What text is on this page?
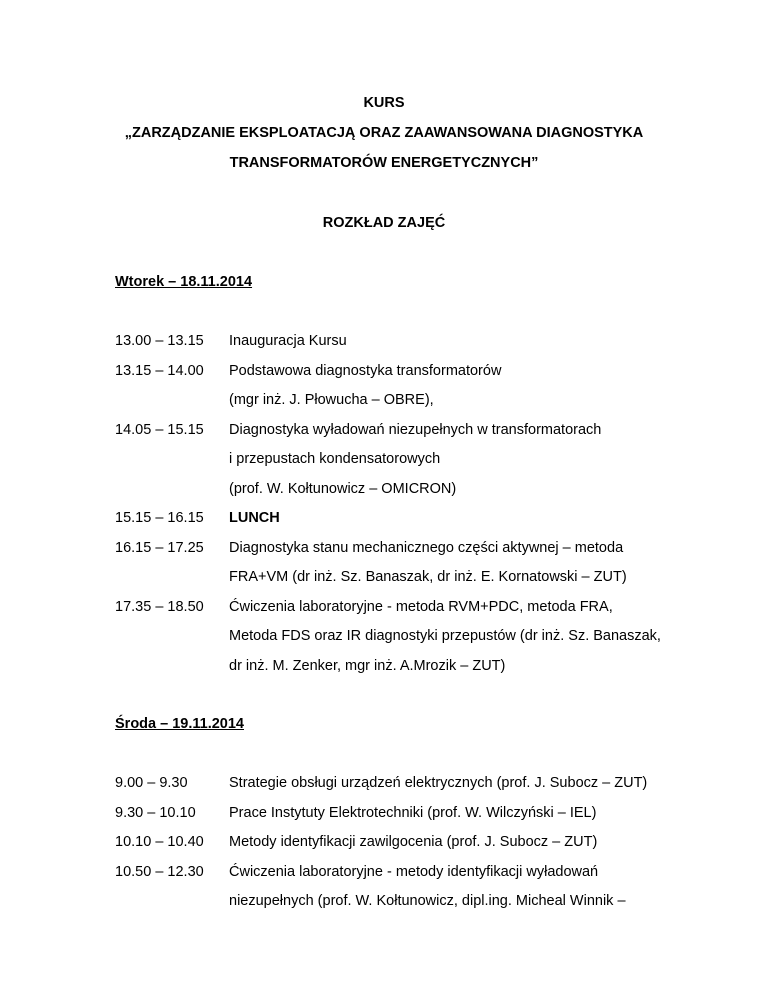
KURS
„ZARZĄDZANIE EKSPLOATACJĄ ORAZ ZAAWANSOWANA DIAGNOSTYKA
TRANSFORMATORÓW ENERGETYCZNYCH”
ROZKŁAD ZAJĘĆ
Wtorek – 18.11.2014
13.00 – 13.15 Inauguracja Kursu
13.15 – 14.00 Podstawowa diagnostyka transformatorów
(mgr inż. J. Płowucha – OBRE),
14.05 – 15.15 Diagnostyka wyładowań niezupełnych w transformatorach
i przepustach kondensatorowych
(prof. W. Kołtunowicz – OMICRON)
15.15 – 16.15 LUNCH
16.15 – 17.25 Diagnostyka stanu mechanicznego części aktywnej – metoda
FRA+VM (dr inż. Sz. Banaszak, dr inż. E. Kornatowski – ZUT)
17.35 – 18.50 Ćwiczenia laboratoryjne - metoda RVM+PDC, metoda FRA,
Metoda FDS oraz IR diagnostyki przepustów (dr inż. Sz. Banaszak,
dr inż. M. Zenker, mgr inż. A.Mrozik – ZUT)
Środa – 19.11.2014
9.00 – 9.30	Strategie obsługi urządzeń elektrycznych (prof. J. Subocz – ZUT)
9.30 – 10.10 Prace Instytuty Elektrotechniki (prof. W. Wilczyński – IEL)
10.10 – 10.40 Metody identyfikacji zawilgocenia (prof. J. Subocz – ZUT)
10.50 – 12.30 Ćwiczenia laboratoryjne - metody identyfikacji wyładowań
niezupełnych (prof. W. Kołtunowicz, dipl.ing. Micheal Winnik –
